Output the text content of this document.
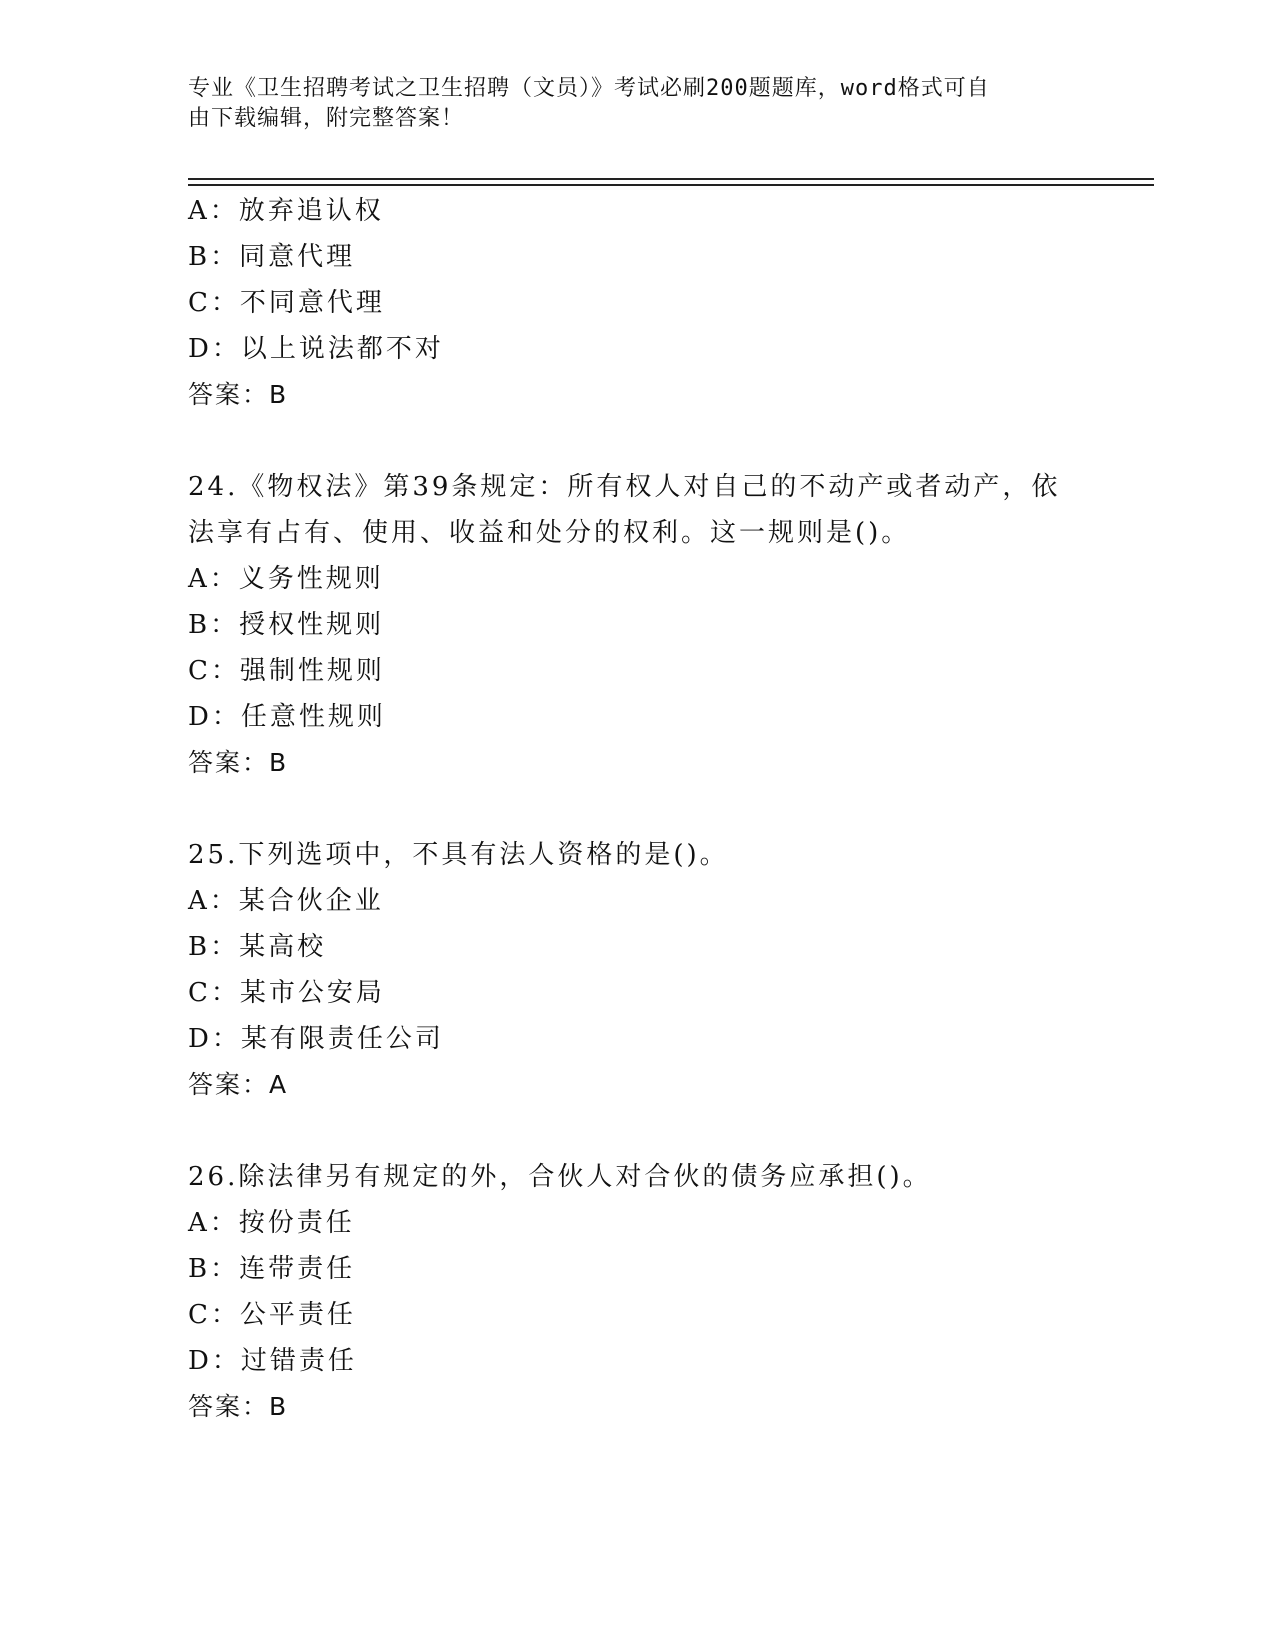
专业《卫生招聘考试之卫生招聘（文员）》考试必刷200题题库，word格式可自
由下载编辑，附完整答案！
A：放弃追认权
B：同意代理
C：不同意代理
D：以上说法都不对
答案：B
24.《物权法》第39条规定：所有权人对自己的不动产或者动产，依
法享有占有、使用、收益和处分的权利。这一规则是()。
A：义务性规则
B：授权性规则
C：强制性规则
D：任意性规则
答案：B
25.下列选项中，不具有法人资格的是()。
A：某合伙企业
B：某高校
C：某市公安局
D：某有限责任公司
答案：A
26.除法律另有规定的外，合伙人对合伙的债务应承担()。
A：按份责任
B：连带责任
C：公平责任
D：过错责任
答案：B
